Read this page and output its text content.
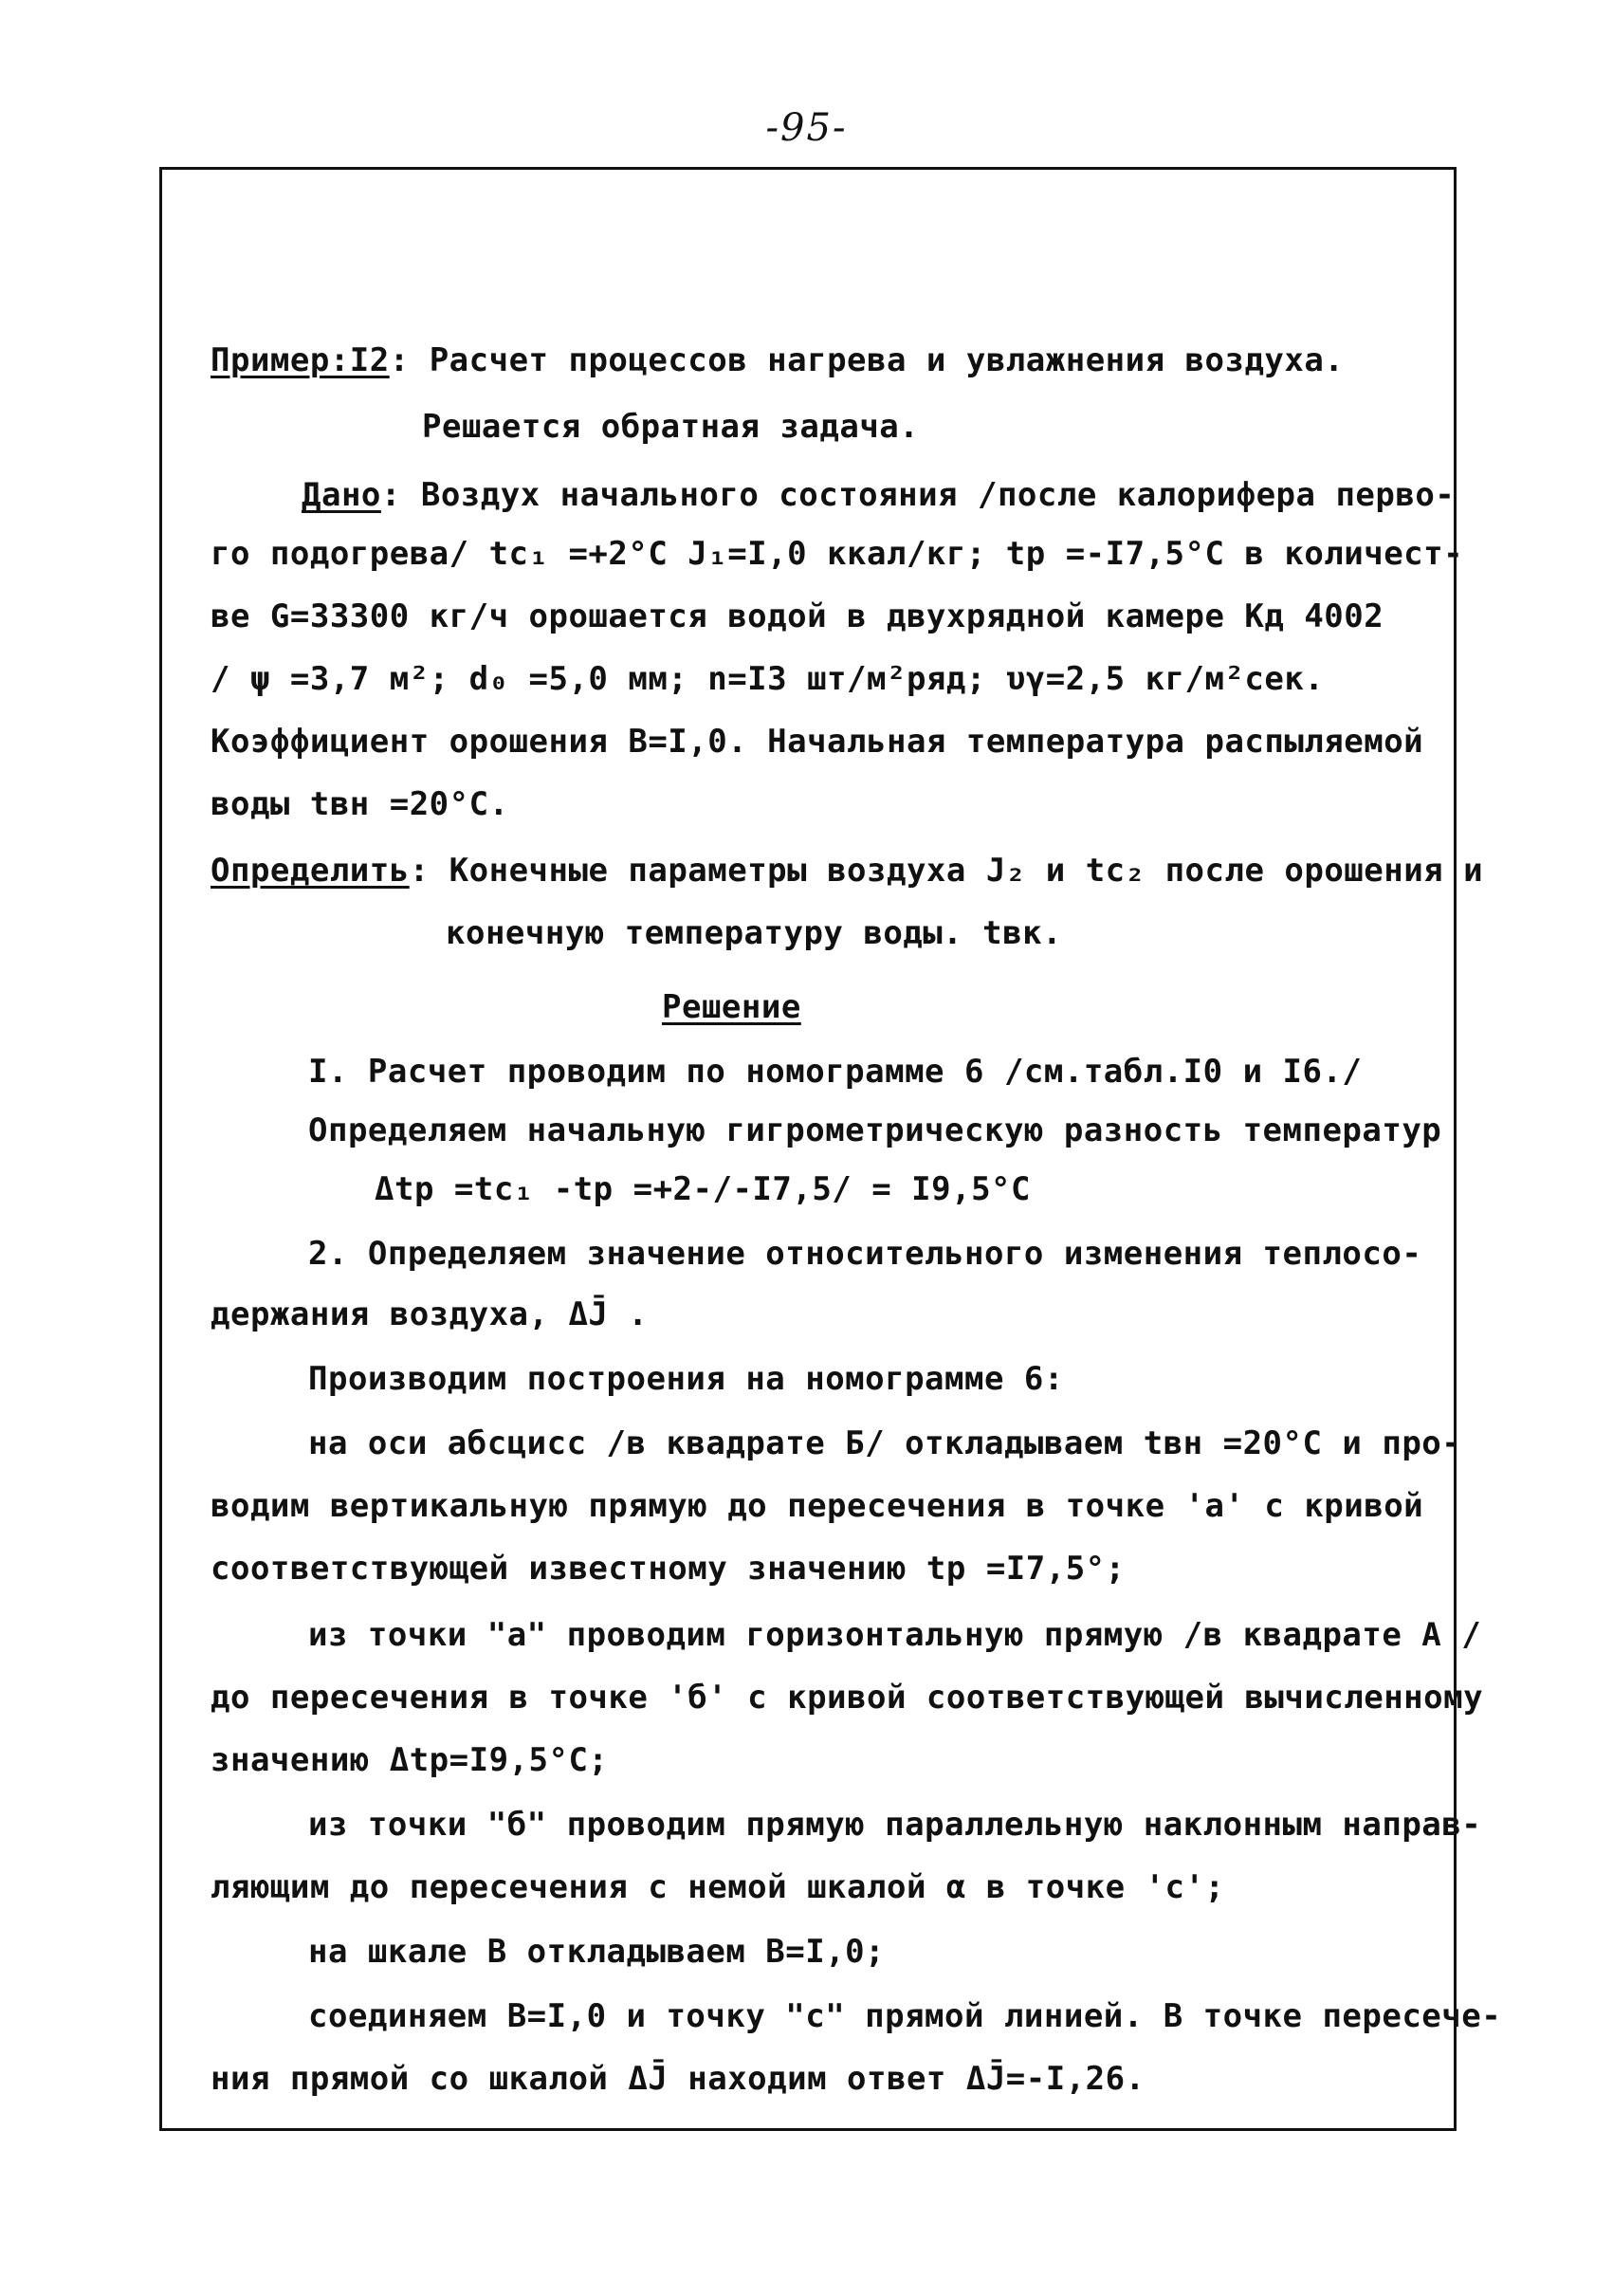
-95-
Пример:I2: Расчет процессов нагрева и увлажнения воздуха.
Решается обратная задача.
Дано: Воздух начального состояния /после калорифера перво-
го подогрева/ tc₁ =+2°C J₁=I,0 ккал/кг; tр =-I7,5°C в количест-
ве G=33300 кг/ч орошается водой в двухрядной камере Кд 4002
/ ψ =3,7 м²; d₀ =5,0 мм; n=I3 шт/м²ряд; υγ=2,5 кг/м²сек.
Коэффициент орошения B=I,0. Начальная температура распыляемой
воды tвн =20°C.
Определить: Конечные параметры воздуха J₂ и tc₂ после орошения и
конечную температуру воды. tвк.
Решение
I. Расчет проводим по номограмме 6 /см.табл.I0 и I6./
Определяем начальную гигрометрическую разность температур
Δtр =tc₁ -tр =+2-/-I7,5/ = I9,5°C
2. Определяем значение относительного изменения теплосо-
держания воздуха, ΔJ̄ .
Производим построения на номограмме 6:
на оси абсцисс /в квадрате Б/ откладываем tвн =20°C и про-
водим вертикальную прямую до пересечения в точке 'a' с кривой
соответствующей известному значению tр =I7,5°;
из точки "а" проводим горизонтальную прямую /в квадрате А /
до пересечения в точке 'б' с кривой соответствующей вычисленному
значению Δtр=I9,5°C;
из точки "б" проводим прямую параллельную наклонным направ-
ляющим до пересечения с немой шкалой α в точке 'c';
на шкале B откладываем B=I,0;
соединяем B=I,0 и точку "c" прямой линией. В точке пересече-
ния прямой со шкалой ΔJ̄ находим ответ ΔJ̄=-I,26.
